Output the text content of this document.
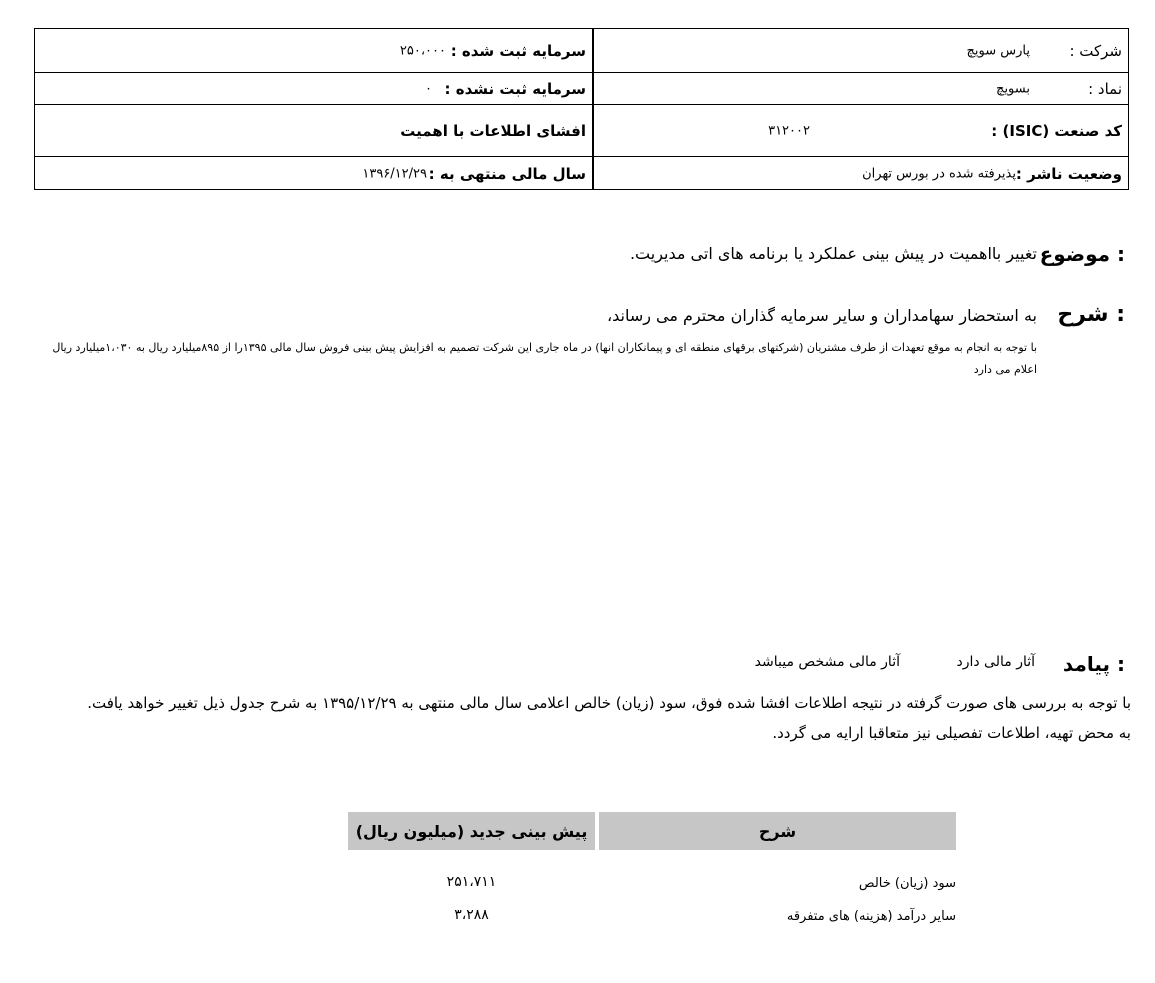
شرکت :
پارس سویچ
نماد :
بسویچ
کد صنعت (ISIC) :
۳۱۲۰۰۲
وضعیت ناشر :
پذیرفته شده در بورس تهران
سرمایه ثبت شده :
۲۵۰،۰۰۰
سرمایه ثبت نشده :
۰
افشای اطلاعات با اهمیت
سال مالی منتهی به :
۱۳۹۶/۱۲/۲۹
موضوع :
تغییر بااهمیت در پیش بینی عملکرد یا برنامه های اتی مدیریت.
شرح :
به استحضار سهامداران و سایر سرمایه گذاران محترم می رساند،
با توجه به انجام به موقع تعهدات از طرف مشتریان (شرکتهای برقهای منطقه ای و پیمانکاران انها) در ماه جاری این شرکت تصمیم به افزایش پیش بینی فروش سال مالی ۱۳۹۵را از ۸۹۵میلیارد ریال به ۱،۰۳۰میلیارد ریال اعلام می دارد
پیامد :
آثار مالی دارد
آثار مالی مشخص میباشد
با توجه به بررسی های صورت گرفته در نتیجه اطلاعات افشا شده فوق، سود (زیان) خالص اعلامی سال مالی منتهی به ۱۳۹۵/۱۲/۲۹ به شرح جدول ذیل تغییر خواهد یافت. به محض تهیه، اطلاعات تفصیلی نیز متعاقبا ارایه می گردد.
شرح
پیش بینی جدید (میلیون ریال)
سود (زیان) خالص
۲۵۱،۷۱۱
سایر درآمد (هزینه) های متفرقه
۳،۲۸۸
